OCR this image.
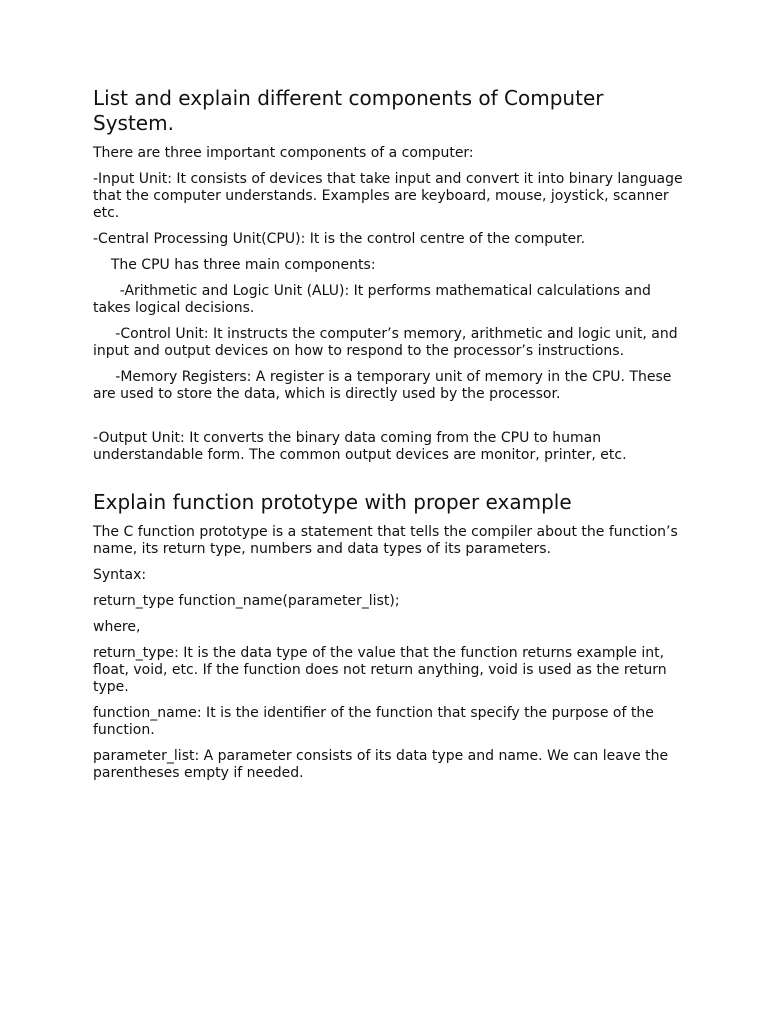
List and explain different components of Computer System.

There are three important components of a computer:

-Input Unit: It consists of devices that take input and convert it into binary language that the computer understands. Examples are keyboard, mouse, joystick, scanner etc.

-Central Processing Unit(CPU): It is the control centre of the computer.

The CPU has three main components:

-Arithmetic and Logic Unit (ALU): It performs mathematical calculations and takes logical decisions.

-Control Unit: It instructs the computer’s memory, arithmetic and logic unit, and input and output devices on how to respond to the processor’s instructions.

-Memory Registers: A register is a temporary unit of memory in the CPU. These are used to store the data, which is directly used by the processor.

-Output Unit: It converts the binary data coming from the CPU to human understandable form. The common output devices are monitor, printer, etc.

Explain function prototype with proper example

The C function prototype is a statement that tells the compiler about the function’s name, its return type, numbers and data types of its parameters.

Syntax:

return_type function_name(parameter_list);

where,

return_type: It is the data type of the value that the function returns example int, float, void, etc. If the function does not return anything, void is used as the return type.

function_name: It is the identifier of the function that specify the purpose of the function.

parameter_list: A parameter consists of its data type and name. We can leave the parentheses empty if needed.
